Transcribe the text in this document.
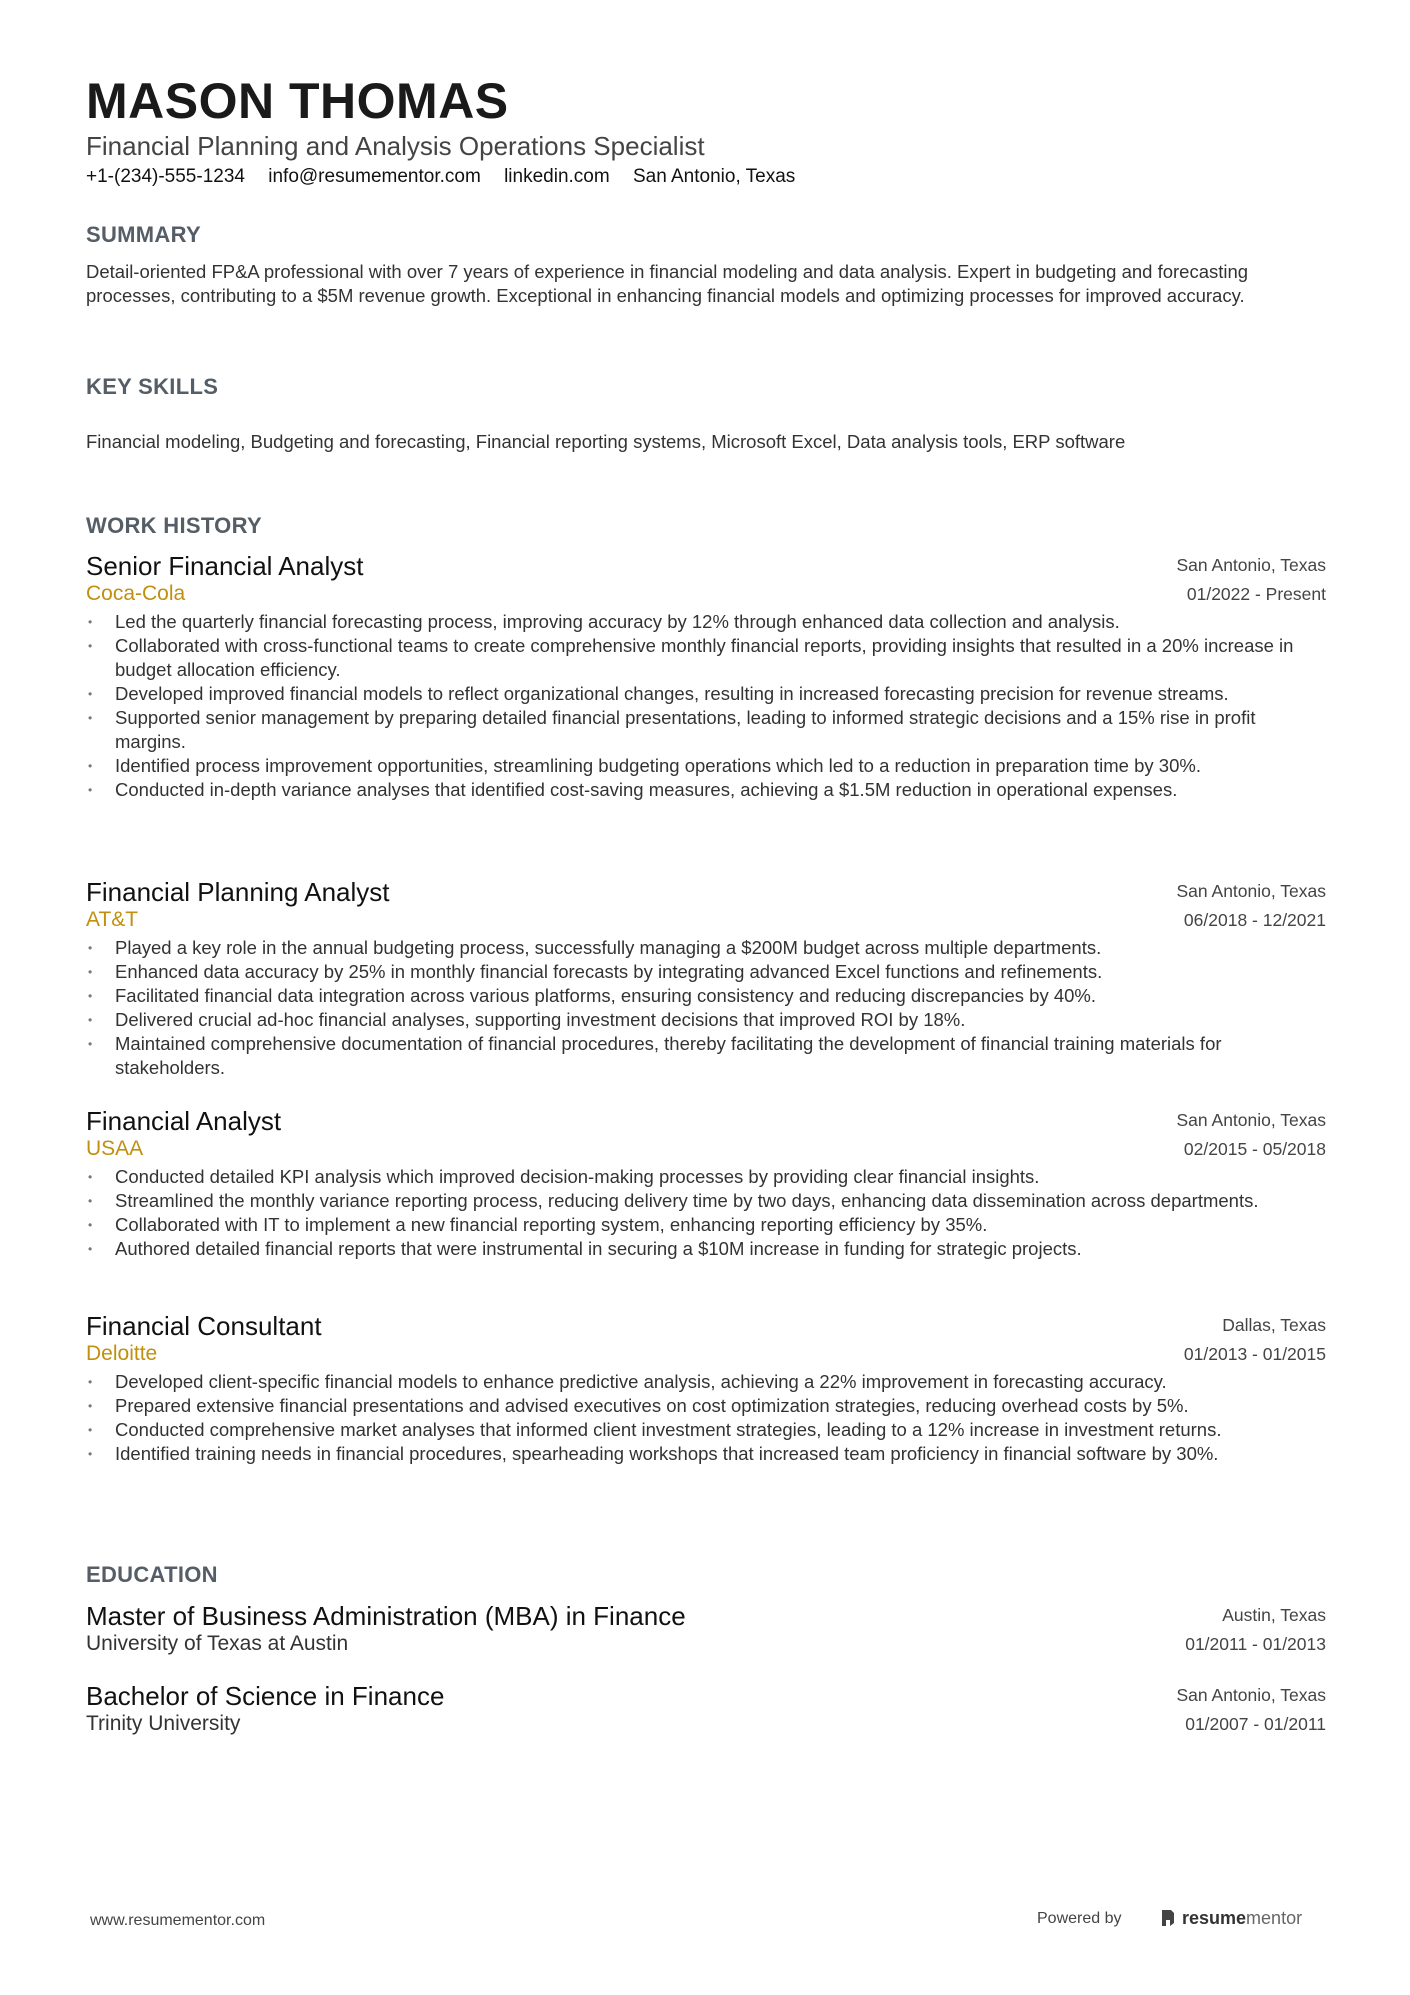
MASON THOMAS
Financial Planning and Analysis Operations Specialist
+1-(234)-555-1234 info@resumementor.com linkedin.com San Antonio, Texas
SUMMARY
Detail-oriented FP&A professional with over 7 years of experience in financial modeling and data analysis. Expert in budgeting and forecasting processes, contributing to a $5M revenue growth. Exceptional in enhancing financial models and optimizing processes for improved accuracy.
KEY SKILLS
Financial modeling, Budgeting and forecasting, Financial reporting systems, Microsoft Excel, Data analysis tools, ERP software
WORK HISTORY
Senior Financial Analyst
Coca-Cola
San Antonio, Texas
01/2022 - Present
• Led the quarterly financial forecasting process, improving accuracy by 12% through enhanced data collection and analysis.
• Collaborated with cross-functional teams to create comprehensive monthly financial reports, providing insights that resulted in a 20% increase in budget allocation efficiency.
• Developed improved financial models to reflect organizational changes, resulting in increased forecasting precision for revenue streams.
• Supported senior management by preparing detailed financial presentations, leading to informed strategic decisions and a 15% rise in profit margins.
• Identified process improvement opportunities, streamlining budgeting operations which led to a reduction in preparation time by 30%.
• Conducted in-depth variance analyses that identified cost-saving measures, achieving a $1.5M reduction in operational expenses.
Financial Planning Analyst
AT&T
San Antonio, Texas
06/2018 - 12/2021
• Played a key role in the annual budgeting process, successfully managing a $200M budget across multiple departments.
• Enhanced data accuracy by 25% in monthly financial forecasts by integrating advanced Excel functions and refinements.
• Facilitated financial data integration across various platforms, ensuring consistency and reducing discrepancies by 40%.
• Delivered crucial ad-hoc financial analyses, supporting investment decisions that improved ROI by 18%.
• Maintained comprehensive documentation of financial procedures, thereby facilitating the development of financial training materials for stakeholders.
Financial Analyst
USAA
San Antonio, Texas
02/2015 - 05/2018
• Conducted detailed KPI analysis which improved decision-making processes by providing clear financial insights.
• Streamlined the monthly variance reporting process, reducing delivery time by two days, enhancing data dissemination across departments.
• Collaborated with IT to implement a new financial reporting system, enhancing reporting efficiency by 35%.
• Authored detailed financial reports that were instrumental in securing a $10M increase in funding for strategic projects.
Financial Consultant
Deloitte
Dallas, Texas
01/2013 - 01/2015
• Developed client-specific financial models to enhance predictive analysis, achieving a 22% improvement in forecasting accuracy.
• Prepared extensive financial presentations and advised executives on cost optimization strategies, reducing overhead costs by 5%.
• Conducted comprehensive market analyses that informed client investment strategies, leading to a 12% increase in investment returns.
• Identified training needs in financial procedures, spearheading workshops that increased team proficiency in financial software by 30%.
EDUCATION
Master of Business Administration (MBA) in Finance
University of Texas at Austin
Austin, Texas
01/2011 - 01/2013
Bachelor of Science in Finance
Trinity University
San Antonio, Texas
01/2007 - 01/2011
www.resumementor.com	Powered by	resume mentor
